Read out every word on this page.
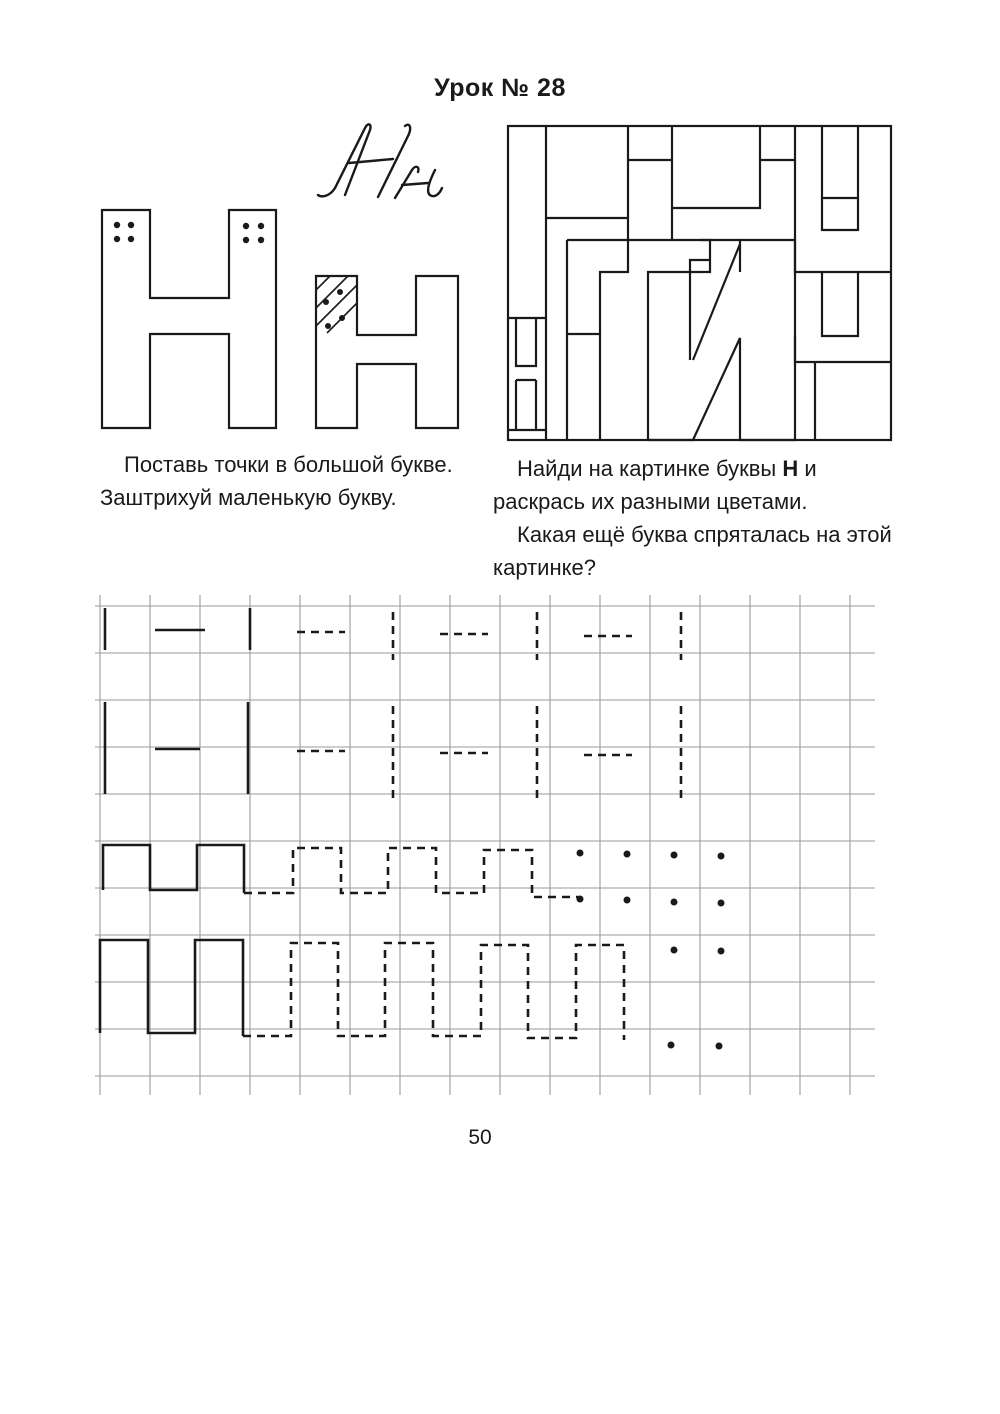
Урок № 28

Поставь точки в большой букве. Заштрихуй маленькую букву.

Найди на картинке буквы Н и раскрась их разными цветами.

Какая ещё буква спряталась на этой картинке?

50
